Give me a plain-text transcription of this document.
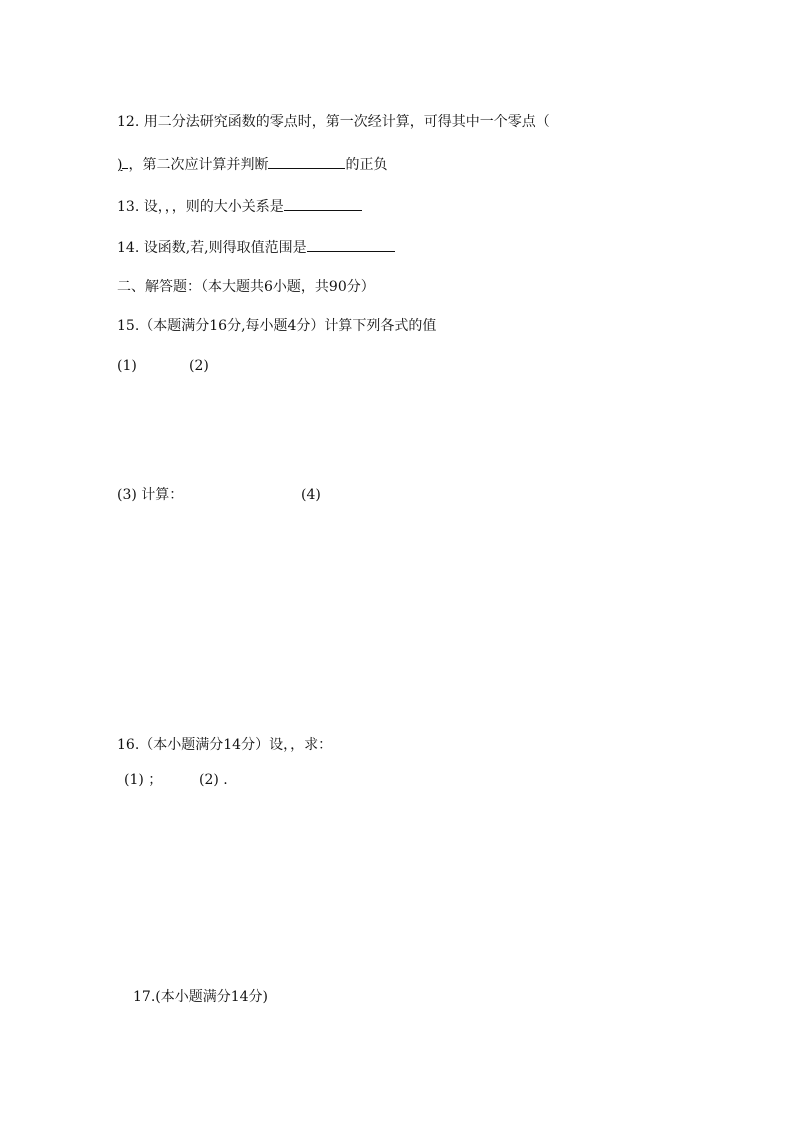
12. 用二分法研究函数的零点时，第一次经计算，可得其中一个零点（
) ，第二次应计算并判断	的正负
13. 设，，，则的大小关系是
14. 设函数,若,则得取值范围是
二、解答题：（本大题共6小题，共90分）
15.（本题满分16分,每小题4分）计算下列各式的值
(1)	(2)
(3) 计算：	(4)
16.（本小题满分14分）设，，求：
(1) ；	(2) .
17.(本小题满分14分)
